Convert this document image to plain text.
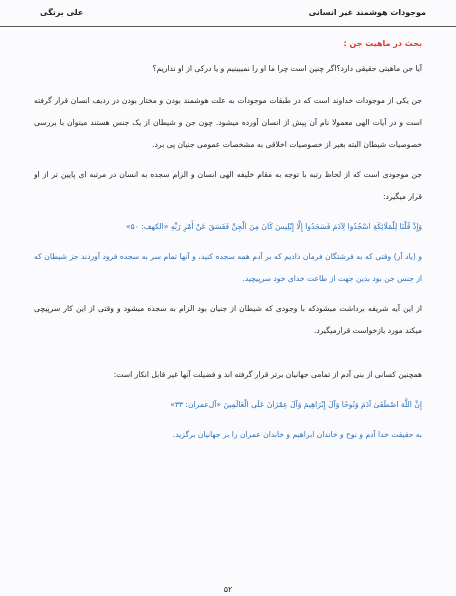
موجودات هوشمند غیر انسانی
علی برنگی
بحث در ماهیت جن :

آیا جن ماهیتی حقیقی دارد؟اگر چنین است چرا ما او را نمیبینیم و یا درکی از او نداریم؟

جن یکی از موجودات خداوند است که در طبقات موجودات به علت هوشمند بودن و مختار بودن در ردیف انسان قرار گرفته است و در آیات الهی معمولا نام آن پیش از انسان آورده میشود. چون جن و شیطان از یک جنس هستند میتوان با بررسی خصوصیات شیطان البته بغیر از خصوصیات اخلاقی به مشخصات عمومی جنیان پی برد.

جن موجودی است که از لحاظ رتبه با توجه به مقام خلیفه الهی انسان و الزام سجده به انسان در مرتبه ای پایین تر از او قرار میگیرد:

وَإِذْ قُلْنَا لِلْمَلَائِكَةِ اسْجُدُوا لِآدَمَ فَسَجَدُوا إِلَّا إِبْلِيسَ كَانَ مِنَ الْجِنِّ فَفَسَقَ عَنْ أَمْرِ رَبِّهِ «الکهف: ۵۰»

و (یاد آر) وقتی که به فرشتگان فرمان دادیم که بر آدم همه سجده کنید، و آنها تمام سر به سجده فرود آوردند جز شیطان که از جنس جن بود بدین جهت از طاعت خدای خود سرپیچید.

از این آیه شریفه برداشت میشودکه با وجودی که شیطان از جنیان بود الزام به سجده میشود و وقتی از این کار سرپیچی میکند مورد بازخواست قرارمیگیرد.

همچنین کسانی از بنی آدم از تمامی جهانیان برتر قرار گرفته اند و فضیلت آنها غیر قابل انکار است:

إِنَّ اللَّهَ اصْطَفَىٰ آدَمَ وَنُوحًا وَآلَ إِبْرَاهِيمَ وَآلَ عِمْرَانَ عَلَى الْعَالَمِينَ «آل‌عمران: ۳۳»

به حقیقت خدا آدم و نوح و خاندان ابراهیم و خاندان عمران را بر جهانیان برگزید.

۵۲
